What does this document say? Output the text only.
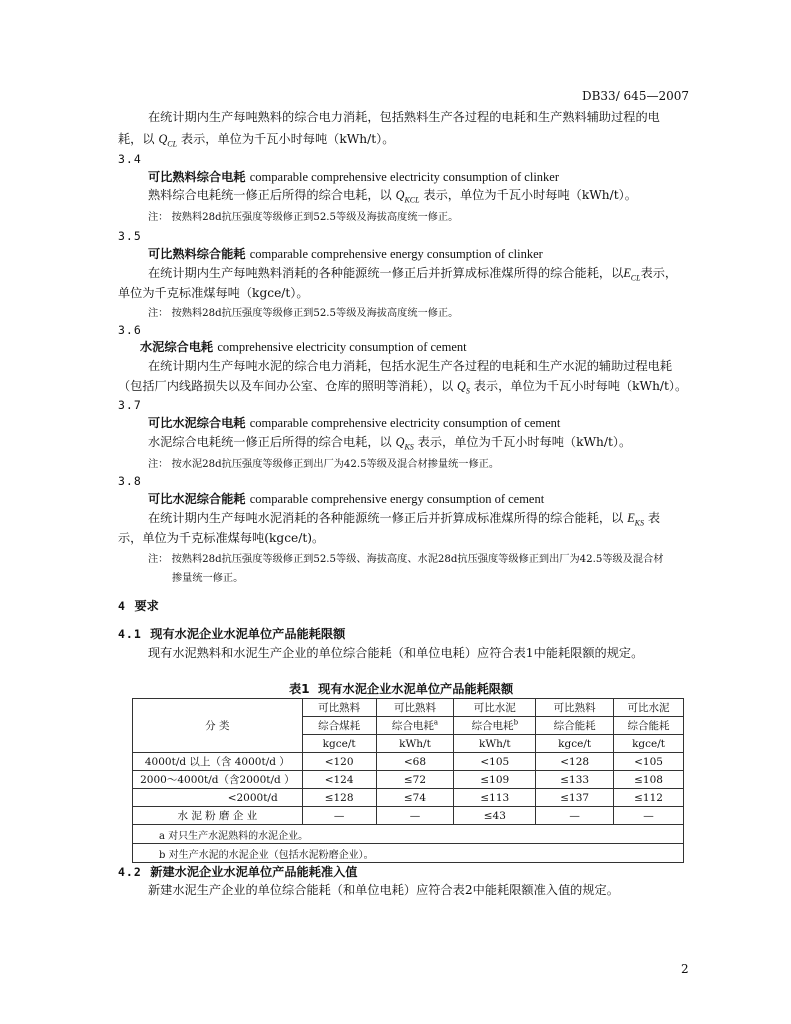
DB33/ 645—2007
在统计期内生产每吨熟料的综合电力消耗，包括熟料生产各过程的电耗和生产熟料辅助过程的电
耗，以 $Q_{CL}$ 表示，单位为千瓦小时每吨（kWh/t）。
3.4
可比熟料综合电耗 comparable comprehensive electricity consumption of clinker
熟料综合电耗统一修正后所得的综合电耗，以 $Q_{KCL}$ 表示，单位为千瓦小时每吨（kWh/t）。
注： 按熟料28d抗压强度等级修正到52.5等级及海拔高度统一修正。
3.5
可比熟料综合能耗 comparable comprehensive energy consumption of clinker
在统计期内生产每吨熟料消耗的各种能源统一修正后并折算成标准煤所得的综合能耗，以$E_{CL}$表示，
单位为千克标准煤每吨（kgce/t）。
注： 按熟料28d抗压强度等级修正到52.5等级及海拔高度统一修正。
3.6
水泥综合电耗 comprehensive electricity consumption of cement
在统计期内生产每吨水泥的综合电力消耗，包括水泥生产各过程的电耗和生产水泥的辅助过程电耗
（包括厂内线路损失以及车间办公室、仓库的照明等消耗），以 $Q_S$ 表示，单位为千瓦小时每吨（kWh/t）。
3.7
可比水泥综合电耗 comparable comprehensive electricity consumption of cement
水泥综合电耗统一修正后所得的综合电耗，以 $Q_{KS}$ 表示，单位为千瓦小时每吨（kWh/t）。
注： 按水泥28d抗压强度等级修正到出厂为42.5等级及混合材掺量统一修正。
3.8
可比水泥综合能耗 comparable comprehensive energy consumption of cement
在统计期内生产每吨水泥消耗的各种能源统一修正后并折算成标准煤所得的综合能耗，以 $E_{KS}$ 表
示，单位为千克标准煤每吨(kgce/t)。
注： 按熟料28d抗压强度等级修正到52.5等级、海拔高度、水泥28d抗压强度等级修正到出厂为42.5等级及混合材
掺量统一修正。
4 要求
4.1 现有水泥企业水泥单位产品能耗限额
现有水泥熟料和水泥生产企业的单位综合能耗（和单位电耗）应符合表1中能耗限额的规定。
表1 现有水泥企业水泥单位产品能耗限额
分 类	可比熟料	可比熟料	可比水泥	可比熟料	可比水泥
	综合煤耗	综合电耗$^a$	综合电耗$^b$	综合能耗	综合能耗
	kgce/t	kWh/t	kWh/t	kgce/t	kgce/t
4000t/d 以上（含 4000t/d ）	<120	<68	<105	<128	<105
2000～4000t/d（含2000t/d ）	<124	≤72	≤109	≤133	≤108
<2000t/d	≤128	≤74	≤113	≤137	≤112
水 泥 粉 磨 企 业	—	—	≤43	—	—
a 对只生产水泥熟料的水泥企业。					
b 对生产水泥的水泥企业（包括水泥粉磨企业）。					
4.2 新建水泥企业水泥单位产品能耗准入值
新建水泥生产企业的单位综合能耗（和单位电耗）应符合表2中能耗限额准入值的规定。
2
